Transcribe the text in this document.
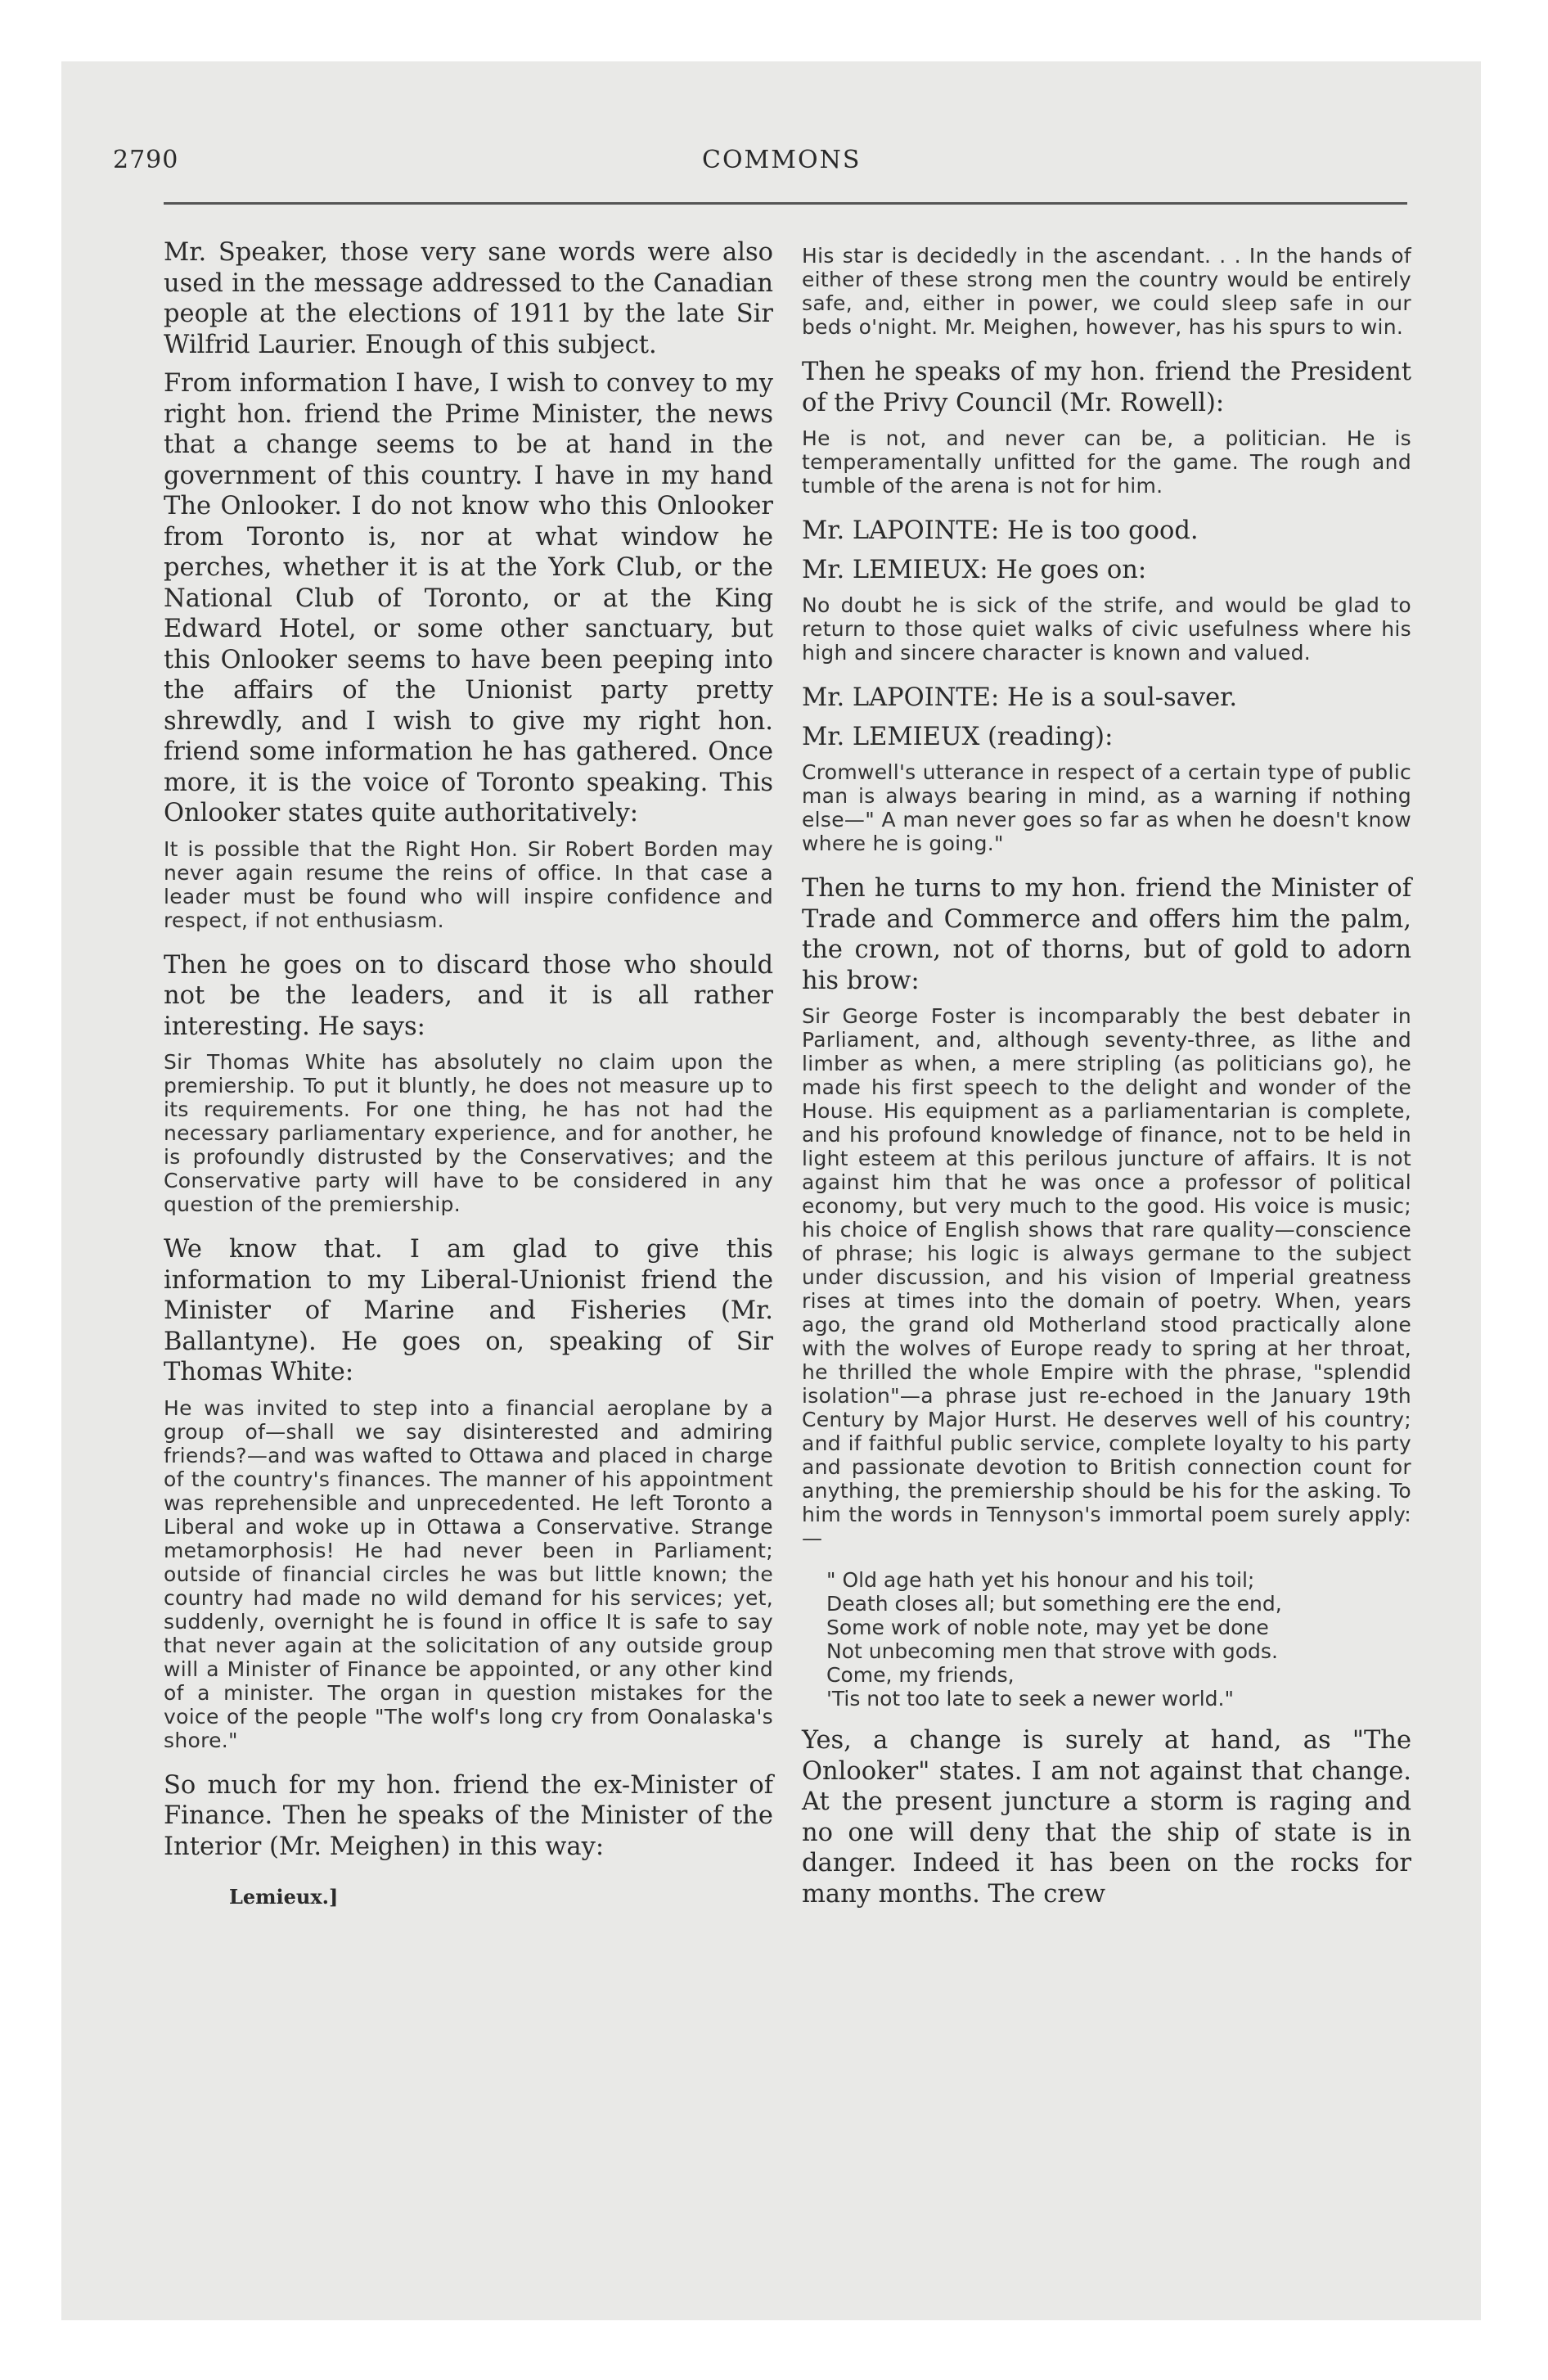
2790	COMMONS

Mr. Speaker, those very sane words were also used in the message addressed to the Canadian people at the elections of 1911 by the late Sir Wilfrid Laurier. Enough of this subject.

From information I have, I wish to convey to my right hon. friend the Prime Minister, the news that a change seems to be at hand in the government of this country. I have in my hand The Onlooker. I do not know who this Onlooker from Toronto is, nor at what window he perches, whether it is at the York Club, or the National Club of Toronto, or at the King Edward Hotel, or some other sanctuary, but this Onlooker seems to have been peeping into the affairs of the Unionist party pretty shrewdly, and I wish to give my right hon. friend some information he has gathered. Once more, it is the voice of Toronto speaking. This Onlooker states quite authoritatively:

It is possible that the Right Hon. Sir Robert Borden may never again resume the reins of office. In that case a leader must be found who will inspire confidence and respect, if not enthusiasm.

Then he goes on to discard those who should not be the leaders, and it is all rather interesting. He says:

Sir Thomas White has absolutely no claim upon the premiership. To put it bluntly, he does not measure up to its requirements. For one thing, he has not had the necessary parliamentary experience, and for another, he is profoundly distrusted by the Conservatives; and the Conservative party will have to be considered in any question of the premiership.

We know that. I am glad to give this information to my Liberal-Unionist friend the Minister of Marine and Fisheries (Mr. Ballantyne). He goes on, speaking of Sir Thomas White:

He was invited to step into a financial aeroplane by a group of—shall we say disinterested and admiring friends?—and was wafted to Ottawa and placed in charge of the country's finances. The manner of his appointment was reprehensible and unprecedented. He left Toronto a Liberal and woke up in Ottawa a Conservative. Strange metamorphosis! He had never been in Parliament; outside of financial circles he was but little known; the country had made no wild demand for his services; yet, suddenly, overnight he is found in office It is safe to say that never again at the solicitation of any outside group will a Minister of Finance be appointed, or any other kind of a minister. The organ in question mistakes for the voice of the people "The wolf's long cry from Oonalaska's shore."

So much for my hon. friend the ex-Minister of Finance. Then he speaks of the Minister of the Interior (Mr. Meighen) in this way:

Lemieux.]

His star is decidedly in the ascendant. . . In the hands of either of these strong men the country would be entirely safe, and, either in power, we could sleep safe in our beds o'night. Mr. Meighen, however, has his spurs to win.

Then he speaks of my hon. friend the President of the Privy Council (Mr. Rowell):

He is not, and never can be, a politician. He is temperamentally unfitted for the game. The rough and tumble of the arena is not for him.

Mr. LAPOINTE: He is too good.

Mr. LEMIEUX: He goes on:

No doubt he is sick of the strife, and would be glad to return to those quiet walks of civic usefulness where his high and sincere character is known and valued.

Mr. LAPOINTE: He is a soul-saver.

Mr. LEMIEUX (reading):

Cromwell's utterance in respect of a certain type of public man is always bearing in mind, as a warning if nothing else—" A man never goes so far as when he doesn't know where he is going."

Then he turns to my hon. friend the Minister of Trade and Commerce and offers him the palm, the crown, not of thorns, but of gold to adorn his brow:

Sir George Foster is incomparably the best debater in Parliament, and, although seventy-three, as lithe and limber as when, a mere stripling (as politicians go), he made his first speech to the delight and wonder of the House. His equipment as a parliamentarian is complete, and his profound knowledge of finance, not to be held in light esteem at this perilous juncture of affairs. It is not against him that he was once a professor of political economy, but very much to the good. His voice is music; his choice of English shows that rare quality—conscience of phrase; his logic is always germane to the subject under discussion, and his vision of Imperial greatness rises at times into the domain of poetry. When, years ago, the grand old Motherland stood practically alone with the wolves of Europe ready to spring at her throat, he thrilled the whole Empire with the phrase, "splendid isolation"—a phrase just re-echoed in the January 19th Century by Major Hurst. He deserves well of his country; and if faithful public service, complete loyalty to his party and passionate devotion to British connection count for anything, the premiership should be his for the asking. To him the words in Tennyson's immortal poem surely apply:—

" Old age hath yet his honour and his toil;
Death closes all; but something ere the end,
Some work of noble note, may yet be done
Not unbecoming men that strove with gods.
Come, my friends,
'Tis not too late to seek a newer world."

Yes, a change is surely at hand, as "The Onlooker" states. I am not against that change. At the present juncture a storm is raging and no one will deny that the ship of state is in danger. Indeed it has been on the rocks for many months. The crew
